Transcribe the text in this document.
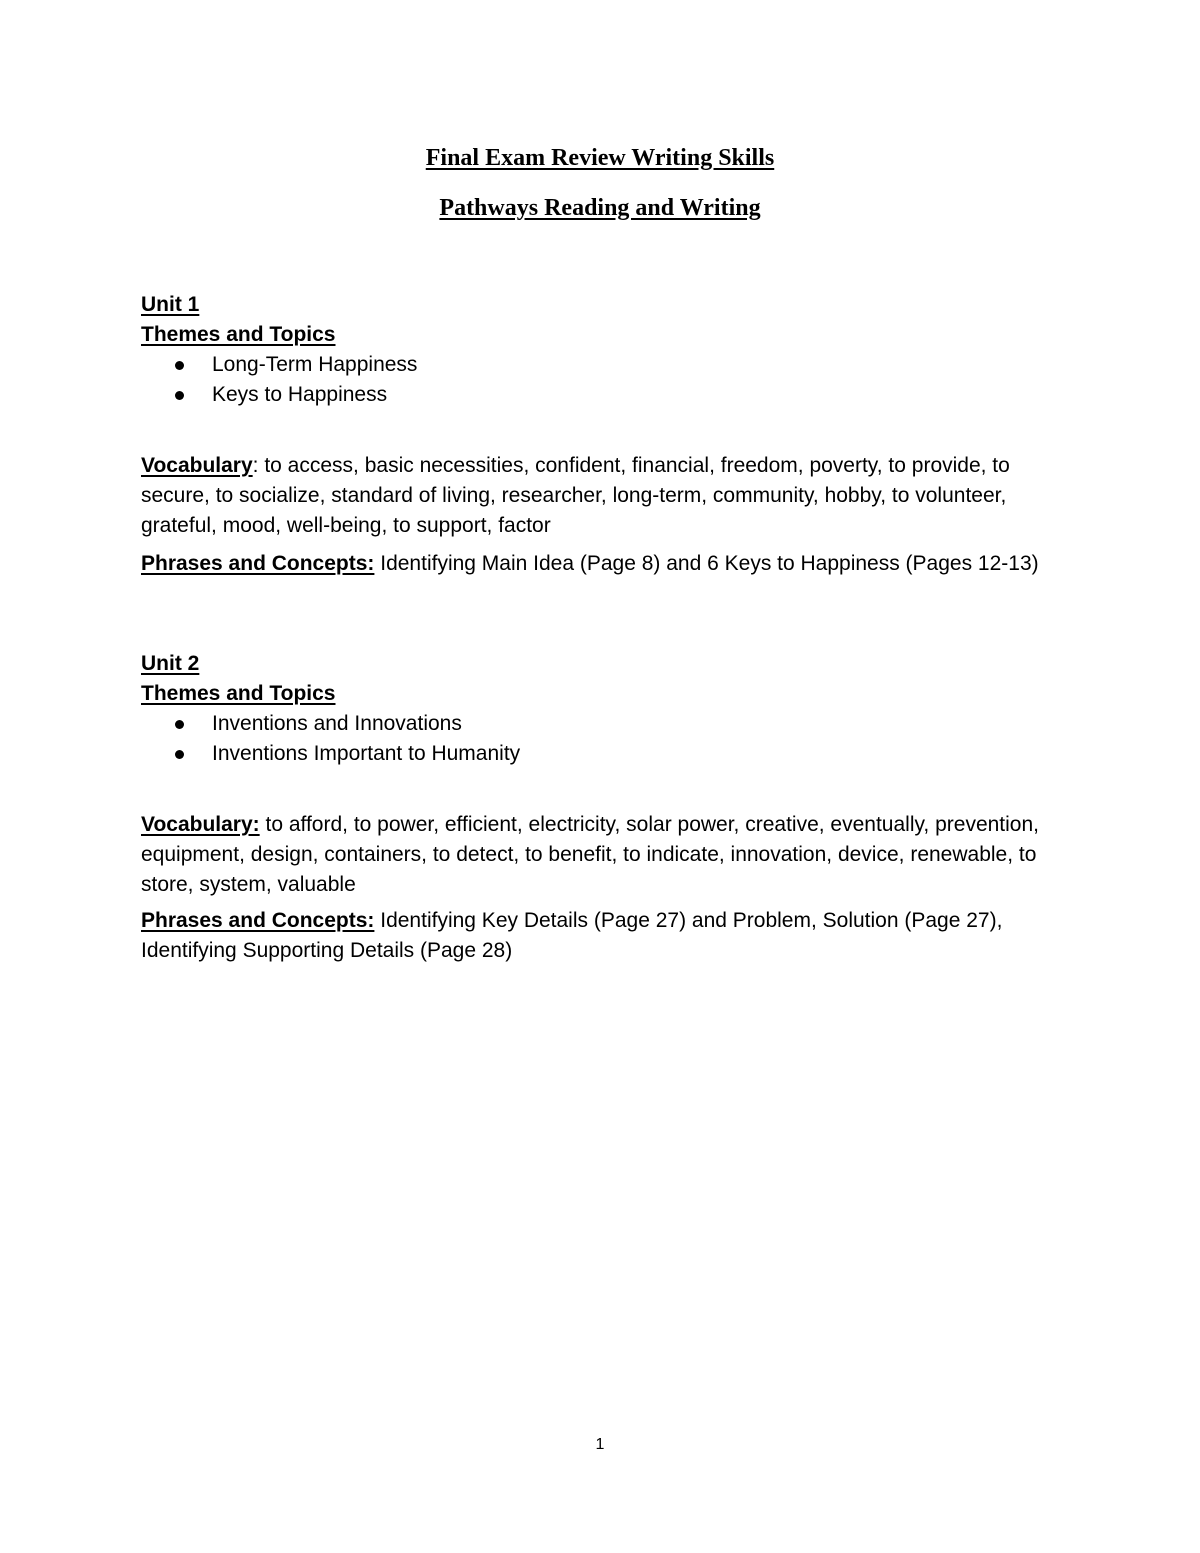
Final Exam Review Writing Skills
Pathways Reading and Writing
Unit 1
Themes and Topics
Long-Term Happiness
Keys to Happiness

Vocabulary: to access, basic necessities, confident, financial, freedom, poverty, to provide, to secure, to socialize, standard of living, researcher, long-term, community, hobby, to volunteer, grateful, mood, well-being, to support, factor

Phrases and Concepts: Identifying Main Idea (Page 8) and 6 Keys to Happiness (Pages 12-13)

Unit 2
Themes and Topics
Inventions and Innovations
Inventions Important to Humanity

Vocabulary: to afford, to power, efficient, electricity, solar power, creative, eventually, prevention, equipment, design, containers, to detect, to benefit, to indicate, innovation, device, renewable, to store, system, valuable

Phrases and Concepts: Identifying Key Details (Page 27) and Problem, Solution (Page 27), Identifying Supporting Details (Page 28)

1
